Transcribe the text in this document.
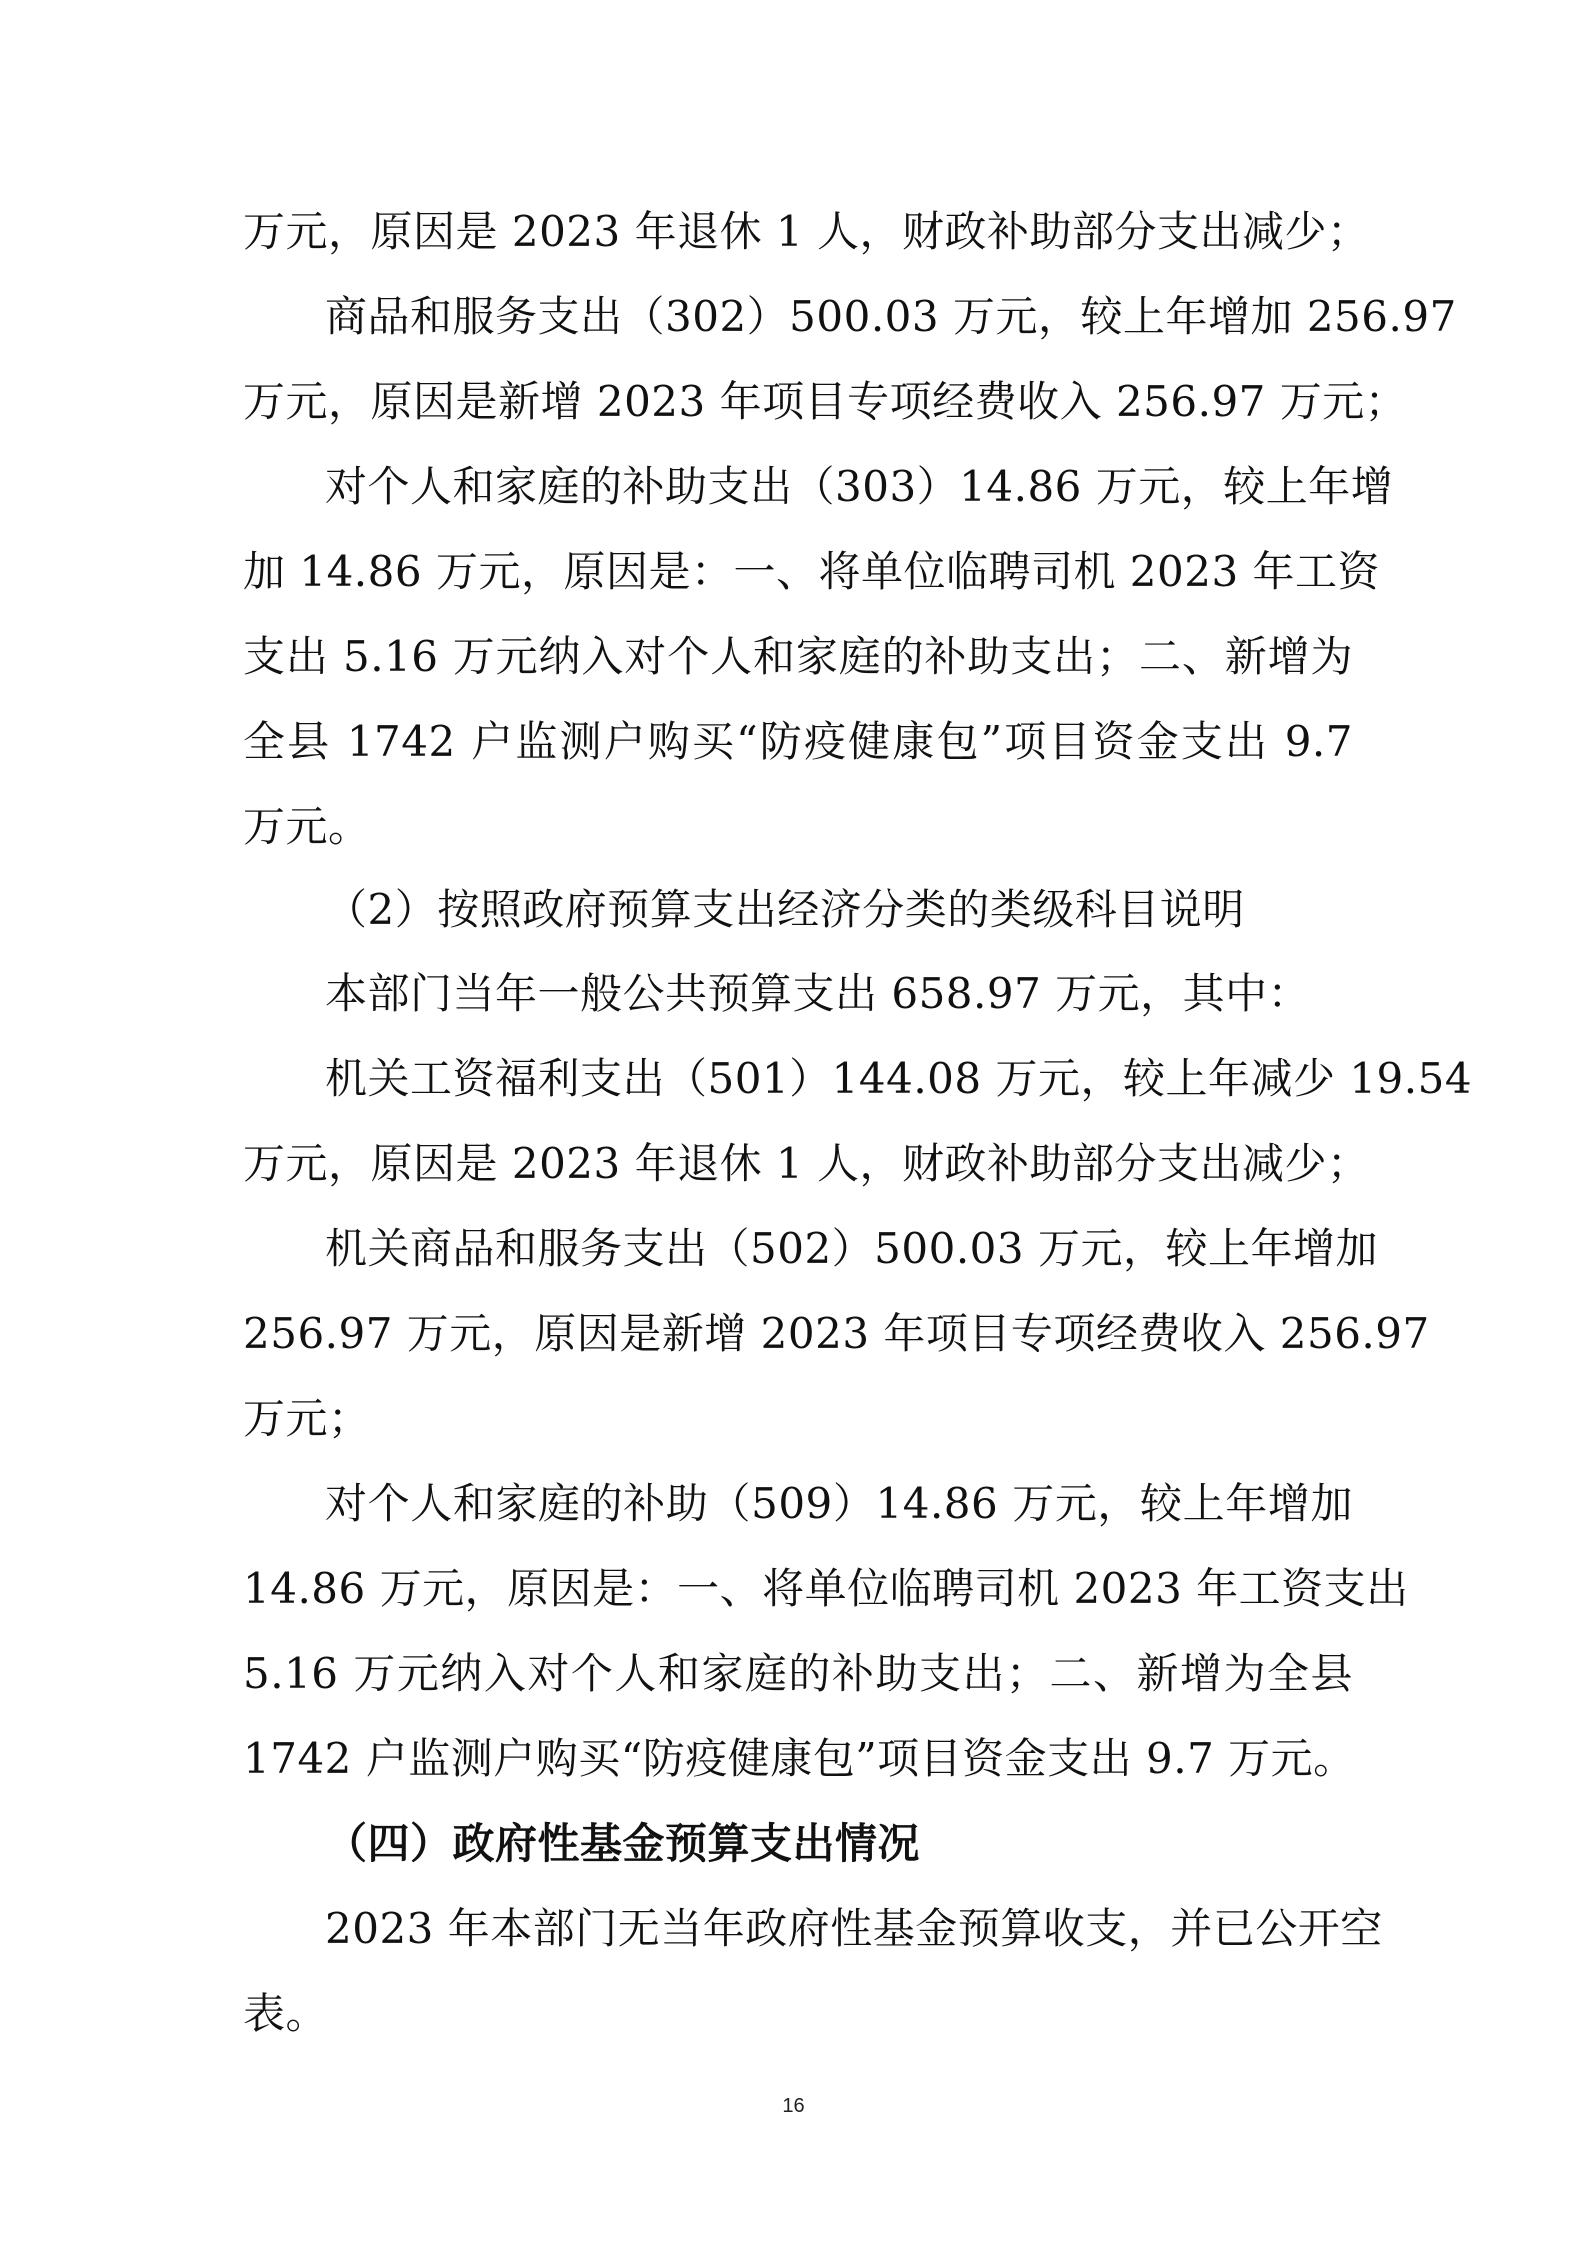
万元，原因是 2023 年退休 1 人，财政补助部分支出减少；
商品和服务支出（302）500.03 万元，较上年增加 256.97
万元，原因是新增 2023 年项目专项经费收入 256.97 万元；
对个人和家庭的补助支出（303）14.86 万元，较上年增
加 14.86 万元，原因是：一、将单位临聘司机 2023 年工资
支出 5.16 万元纳入对个人和家庭的补助支出；二、新增为
全县 1742 户监测户购买“防疫健康包”项目资金支出 9.7
万元。
（2）按照政府预算支出经济分类的类级科目说明
本部门当年一般公共预算支出 658.97 万元，其中：
机关工资福利支出（501）144.08 万元，较上年减少 19.54
万元，原因是 2023 年退休 1 人，财政补助部分支出减少；
机关商品和服务支出（502）500.03 万元，较上年增加
256.97 万元，原因是新增 2023 年项目专项经费收入 256.97
万元；
对个人和家庭的补助（509）14.86 万元，较上年增加
14.86 万元，原因是：一、将单位临聘司机 2023 年工资支出
5.16 万元纳入对个人和家庭的补助支出；二、新增为全县
1742 户监测户购买“防疫健康包”项目资金支出 9.7 万元。
（四）政府性基金预算支出情况
2023 年本部门无当年政府性基金预算收支，并已公开空
表。
16
